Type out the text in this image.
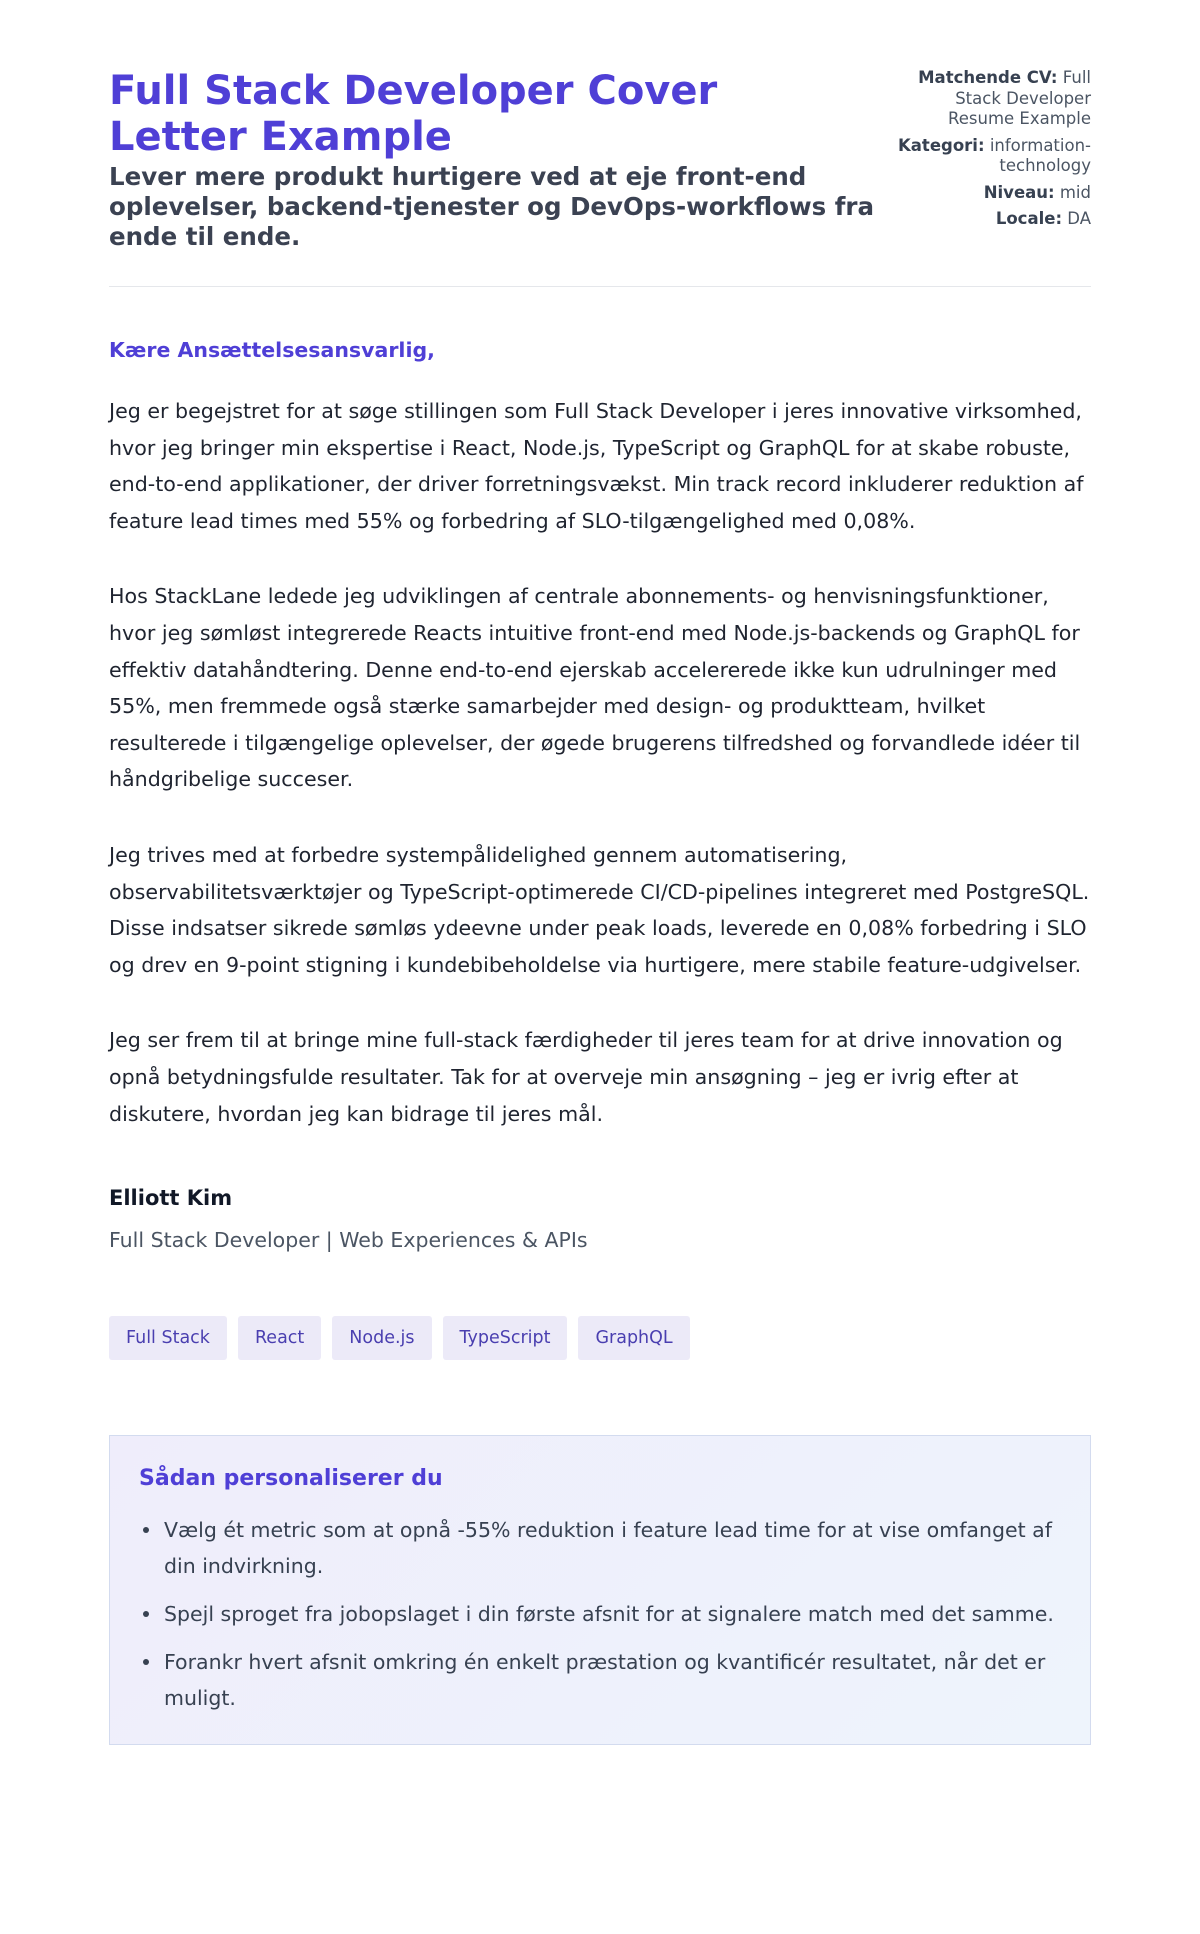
Full Stack Developer Cover Letter Example
Lever mere produkt hurtigere ved at eje front-end oplevelser, backend-tjenester og DevOps-workflows fra ende til ende.
Matchende CV: Full Stack Developer Resume Example
Kategori: information-technology
Niveau: mid
Locale: DA
Kære Ansættelsesansvarlig,

Jeg er begejstret for at søge stillingen som Full Stack Developer i jeres innovative virksomhed, hvor jeg bringer min ekspertise i React, Node.js, TypeScript og GraphQL for at skabe robuste, end-to-end applikationer, der driver forretningsvækst. Min track record inkluderer reduktion af feature lead times med 55% og forbedring af SLO-tilgængelighed med 0,08%.

Hos StackLane ledede jeg udviklingen af centrale abonnements- og henvisningsfunktioner, hvor jeg sømløst integrerede Reacts intuitive front-end med Node.js-backends og GraphQL for effektiv datahåndtering. Denne end-to-end ejerskab accelererede ikke kun udrulninger med 55%, men fremmede også stærke samarbejder med design- og produktteam, hvilket resulterede i tilgængelige oplevelser, der øgede brugerens tilfredshed og forvandlede idéer til håndgribelige succeser.

Jeg trives med at forbedre systempålidelighed gennem automatisering, observabilitetsværktøjer og TypeScript-optimerede CI/CD-pipelines integreret med PostgreSQL. Disse indsatser sikrede sømløs ydeevne under peak loads, leverede en 0,08% forbedring i SLO og drev en 9-point stigning i kundebibeholdelse via hurtigere, mere stabile feature-udgivelser.

Jeg ser frem til at bringe mine full-stack færdigheder til jeres team for at drive innovation og opnå betydningsfulde resultater. Tak for at overveje min ansøgning – jeg er ivrig efter at diskutere, hvordan jeg kan bidrage til jeres mål.

Elliott Kim
Full Stack Developer | Web Experiences & APIs
Full Stack	React	Node.js	TypeScript	GraphQL
Sådan personaliserer du
Vælg ét metric som at opnå -55% reduktion i feature lead time for at vise omfanget af din indvirkning.
Spejl sproget fra jobopslaget i din første afsnit for at signalere match med det samme.
Forankr hvert afsnit omkring én enkelt præstation og kvantificér resultatet, når det er muligt.
